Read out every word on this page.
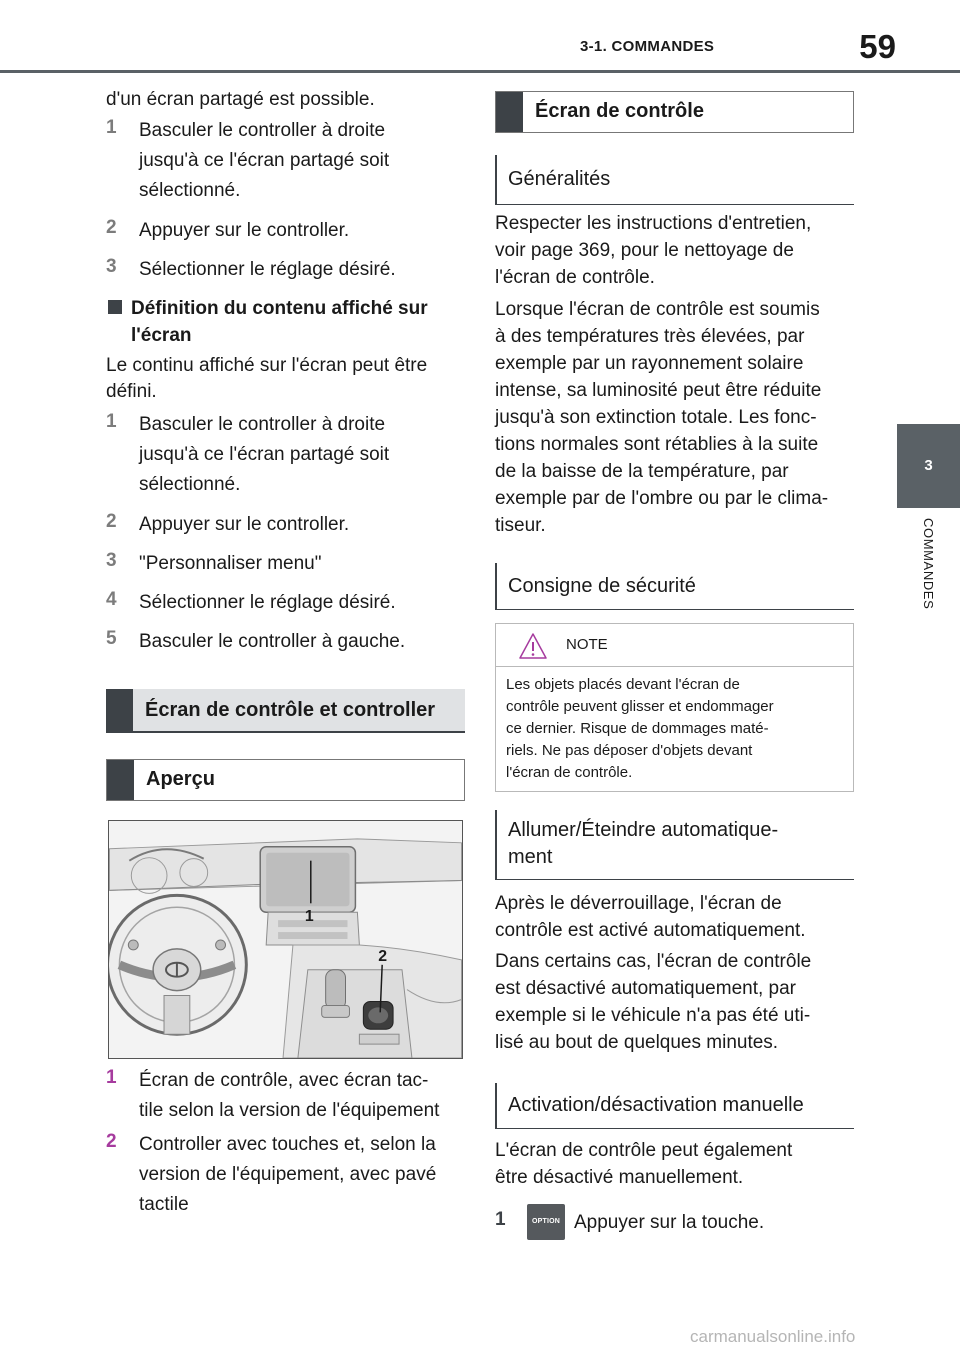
3-1. COMMANDES	59
3
COMMANDES
d'un écran partagé est possible.
1 Basculer le controller à droite
jusqu'à ce l'écran partagé soit
sélectionné.
2 Appuyer sur le controller.
3 Sélectionner le réglage désiré.
Définition du contenu affiché sur
l'écran
Le continu affiché sur l'écran peut être
défini.
1 Basculer le controller à droite
jusqu'à ce l'écran partagé soit
sélectionné.
2 Appuyer sur le controller.
3 "Personnaliser menu"
4 Sélectionner le réglage désiré.
5 Basculer le controller à gauche.
Écran de contrôle et controller
Aperçu
1
2
1 Écran de contrôle, avec écran tac-
tile selon la version de l'équipement
2 Controller avec touches et, selon la
version de l'équipement, avec pavé
tactile
Écran de contrôle
Généralités
Respecter les instructions d'entretien,
voir page 369, pour le nettoyage de
l'écran de contrôle.
Lorsque l'écran de contrôle est soumis
à des températures très élevées, par
exemple par un rayonnement solaire
intense, sa luminosité peut être réduite
jusqu'à son extinction totale. Les fonc-
tions normales sont rétablies à la suite
de la baisse de la température, par
exemple par de l'ombre ou par le clima-
tiseur.
Consigne de sécurité
NOTE
Les objets placés devant l'écran de
contrôle peuvent glisser et endommager
ce dernier. Risque de dommages maté-
riels. Ne pas déposer d'objets devant
l'écran de contrôle.
Allumer/Éteindre automatique-
ment
Après le déverrouillage, l'écran de
contrôle est activé automatiquement.
Dans certains cas, l'écran de contrôle
est désactivé automatiquement, par
exemple si le véhicule n'a pas été uti-
lisé au bout de quelques minutes.
Activation/désactivation manuelle
L'écran de contrôle peut également
être désactivé manuellement.
1	OPTION Appuyer sur la touche.
carmanualsonline.info
